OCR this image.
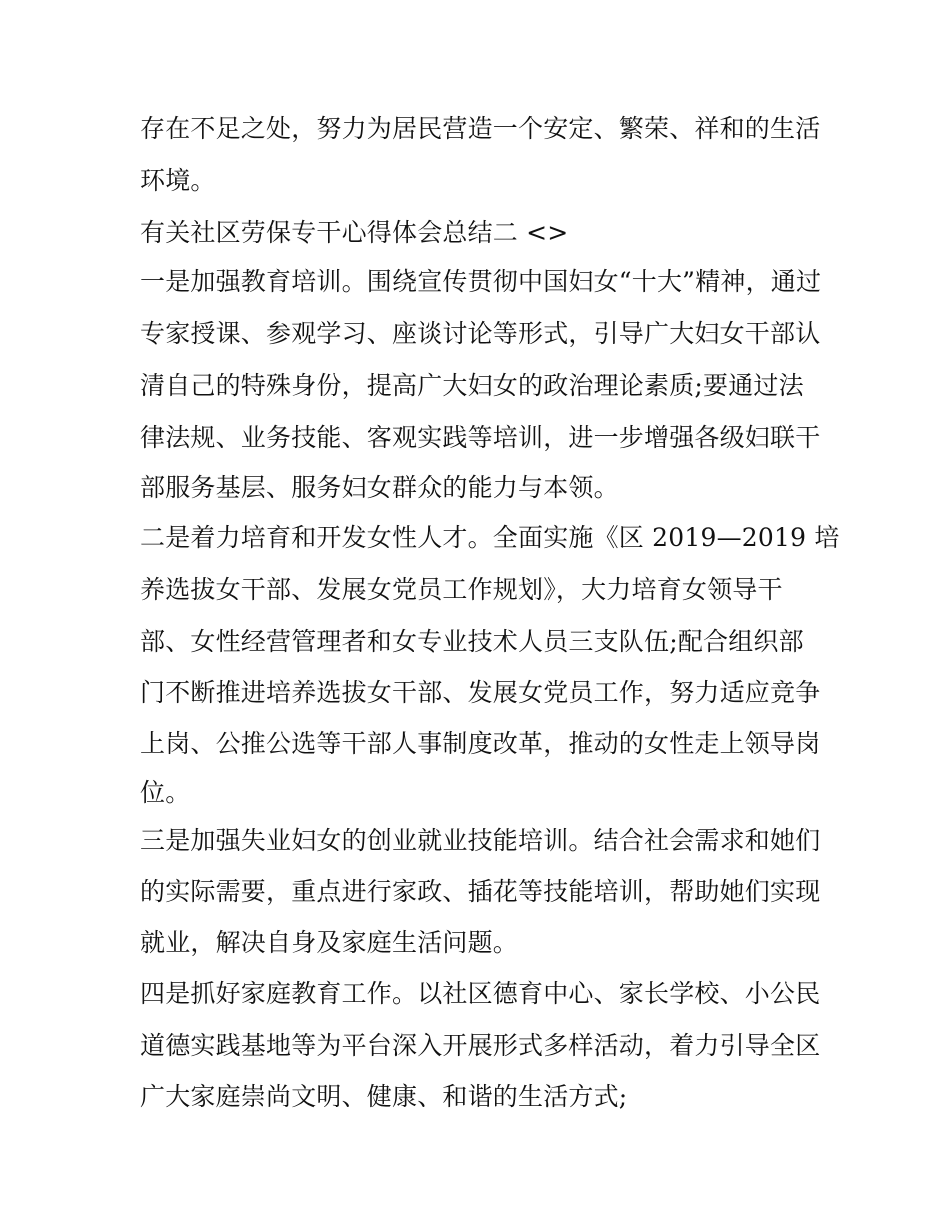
存在不足之处，努力为居民营造一个安定、繁荣、祥和的生活
环境。
有关社区劳保专干心得体会总结二 <>
一是加强教育培训。围绕宣传贯彻中国妇女“十大”精神，通过
专家授课、参观学习、座谈讨论等形式，引导广大妇女干部认
清自己的特殊身份，提高广大妇女的政治理论素质;要通过法
律法规、业务技能、客观实践等培训，进一步增强各级妇联干
部服务基层、服务妇女群众的能力与本领。
二是着力培育和开发女性人才。全面实施《区 2019—2019 培
养选拔女干部、发展女党员工作规划》，大力培育女领导干
部、女性经营管理者和女专业技术人员三支队伍;配合组织部
门不断推进培养选拔女干部、发展女党员工作，努力适应竞争
上岗、公推公选等干部人事制度改革，推动的女性走上领导岗
位。
三是加强失业妇女的创业就业技能培训。结合社会需求和她们
的实际需要，重点进行家政、插花等技能培训，帮助她们实现
就业，解决自身及家庭生活问题。
四是抓好家庭教育工作。以社区德育中心、家长学校、小公民
道德实践基地等为平台深入开展形式多样活动，着力引导全区
广大家庭崇尚文明、健康、和谐的生活方式;
